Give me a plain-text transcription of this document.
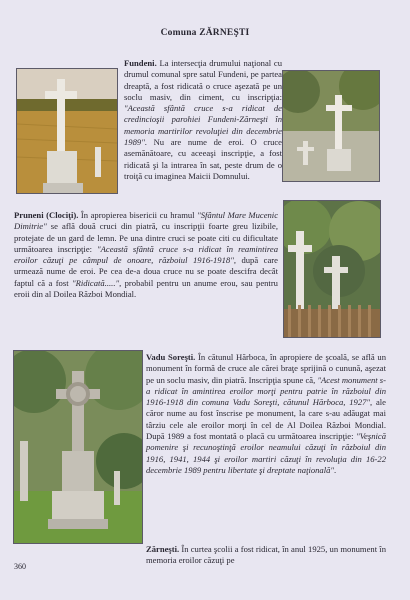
Comuna ZĂRNEŞTI
Fundeni. La intersecţia drumului naţional cu drumul comunal spre satul Fundeni, pe partea dreaptă, a fost ridicată o cruce aşezată pe un soclu masiv, din ciment, cu inscripţia: "Această sfântă cruce s-a ridicat de credincioşii parohiei Fundeni-Zărneşti în memoria martirilor revoluţiei din decembrie 1989". Nu are nume de eroi. O cruce asemănătoare, cu aceeaşi inscripţie, a fost ridicată şi la intrarea în sat, peste drum de o troiţă cu imaginea Maicii Domnului.
Pruneni (Clociţi). În apropierea bisericii cu hramul "Sfântul Mare Mucenic Dimitrie" se află două cruci din piatră, cu inscripţii foarte greu lizibile, protejate de un gard de lemn. Pe una dintre cruci se poate citi cu dificultate următoarea inscripţie: "Această sfântă cruce s-a ridicat în reamintirea eroilor căzuţi pe câmpul de onoare, războiul 1916-1918", după care urmează nume de eroi. Pe cea de-a doua cruce nu se poate descifra decât faptul că a fost "Ridicată.....", probabil pentru un anume erou, sau pentru eroii din al Doilea Război Mondial.
Vadu Soreşti. În cătunul Hărboca, în apropiere de şcoală, se află un monument în formă de cruce ale cărei braţe sprijină o cunună, aşezat pe un soclu masiv, din piatră. Inscripţia spune că, "Acest monument s-a ridicat în amintirea eroilor morţi pentru patrie în războiul din 1916-1918 din comuna Vadu Soreşti, cătunul Hărboca, 1927", ale căror nume au fost înscrise pe monument, la care s-au adăugat mai târziu cele ale eroilor morţi în cel de Al Doilea Război Mondial. După 1989 a fost montată o placă cu următoarea inscripţie: "Veşnică pomenire şi recunoştinţă eroilor neamului căzuţi în războiul din 1916, 1941, 1944 şi eroilor martiri căzuţi în revoluţia din 16-22 decembrie 1989 pentru libertate şi dreptate naţională".
Zărneşti. În curtea şcolii a fost ridicat, în anul 1925, un monument în memoria eroilor căzuţi pe
360
